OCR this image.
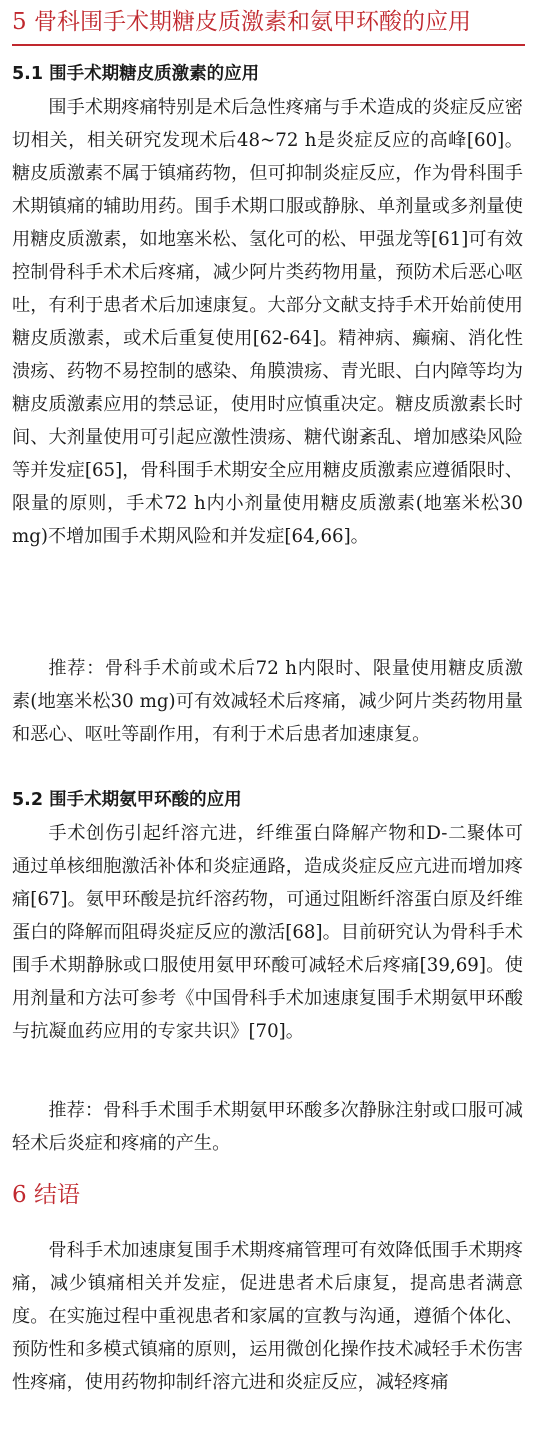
5 骨科围手术期糖皮质激素和氨甲环酸的应用
5.1 围手术期糖皮质激素的应用

围手术期疼痛特别是术后急性疼痛与手术造成的炎症反应密切相关，相关研究发现术后48~72 h是炎症反应的高峰[60]。糖皮质激素不属于镇痛药物，但可抑制炎症反应，作为骨科围手术期镇痛的辅助用药。围手术期口服或静脉、单剂量或多剂量使用糖皮质激素，如地塞米松、氢化可的松、甲强龙等[61]可有效控制骨科手术术后疼痛，减少阿片类药物用量，预防术后恶心呕吐，有利于患者术后加速康复。大部分文献支持手术开始前使用糖皮质激素，或术后重复使用[62-64]。精神病、癫痫、消化性溃疡、药物不易控制的感染、角膜溃疡、青光眼、白内障等均为糖皮质激素应用的禁忌证，使用时应慎重决定。糖皮质激素长时间、大剂量使用可引起应激性溃疡、糖代谢紊乱、增加感染风险等并发症[65]，骨科围手术期安全应用糖皮质激素应遵循限时、限量的原则，手术72 h内小剂量使用糖皮质激素(地塞米松30 mg)不增加围手术期风险和并发症[64,66]。

推荐：骨科手术前或术后72 h内限时、限量使用糖皮质激素(地塞米松30 mg)可有效减轻术后疼痛，减少阿片类药物用量和恶心、呕吐等副作用，有利于术后患者加速康复。

5.2 围手术期氨甲环酸的应用

手术创伤引起纤溶亢进，纤维蛋白降解产物和D-二聚体可通过单核细胞激活补体和炎症通路，造成炎症反应亢进而增加疼痛[67]。氨甲环酸是抗纤溶药物，可通过阻断纤溶蛋白原及纤维蛋白的降解而阻碍炎症反应的激活[68]。目前研究认为骨科手术围手术期静脉或口服使用氨甲环酸可减轻术后疼痛[39,69]。使用剂量和方法可参考《中国骨科手术加速康复围手术期氨甲环酸与抗凝血药应用的专家共识》[70]。

推荐：骨科手术围手术期氨甲环酸多次静脉注射或口服可减轻术后炎症和疼痛的产生。

6 结语

骨科手术加速康复围手术期疼痛管理可有效降低围手术期疼痛，减少镇痛相关并发症，促进患者术后康复，提高患者满意度。在实施过程中重视患者和家属的宣教与沟通，遵循个体化、预防性和多模式镇痛的原则，运用微创化操作技术减轻手术伤害性疼痛，使用药物抑制纤溶亢进和炎症反应，减轻疼痛
